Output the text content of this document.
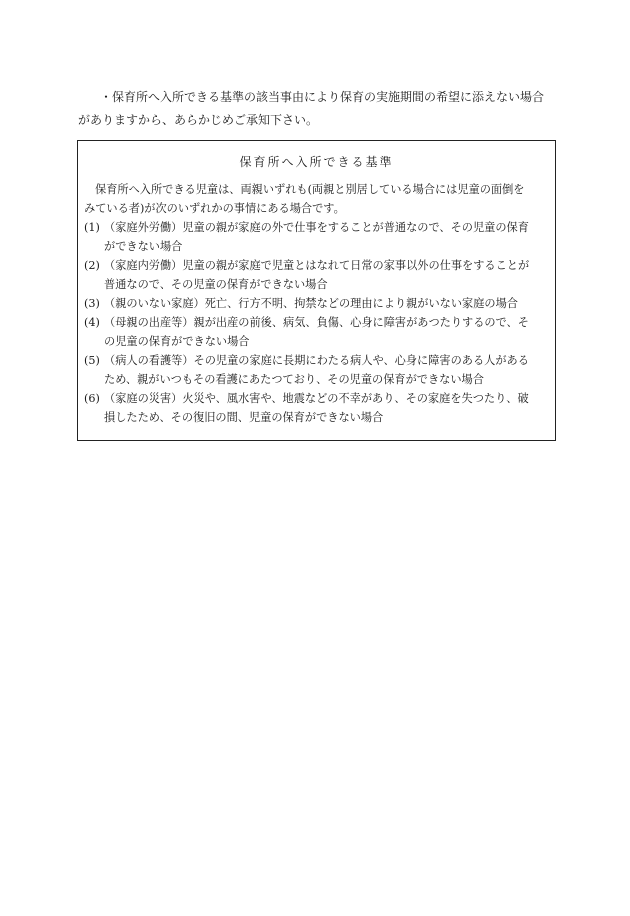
・保育所へ入所できる基準の該当事由により保育の実施期間の希望に添えない場合
がありますから、あらかじめご承知下さい。
保育所へ入所できる基準
保育所へ入所できる児童は、両親いずれも(両親と別居している場合には児童の面倒を
みている者)が次のいずれかの事情にある場合です。
(1) （家庭外労働）児童の親が家庭の外で仕事をすることが普通なので、その児童の保育
ができない場合
(2) （家庭内労働）児童の親が家庭で児童とはなれて日常の家事以外の仕事をすることが
普通なので、その児童の保育ができない場合
(3) （親のいない家庭）死亡、行方不明、拘禁などの理由により親がいない家庭の場合
(4) （母親の出産等）親が出産の前後、病気、負傷、心身に障害があつたりするので、そ
の児童の保育ができない場合
(5) （病人の看護等）その児童の家庭に長期にわたる病人や、心身に障害のある人がある
ため、親がいつもその看護にあたつており、その児童の保育ができない場合
(6) （家庭の災害）火災や、風水害や、地震などの不幸があり、その家庭を失つたり、破
損したため、その復旧の間、児童の保育ができない場合
